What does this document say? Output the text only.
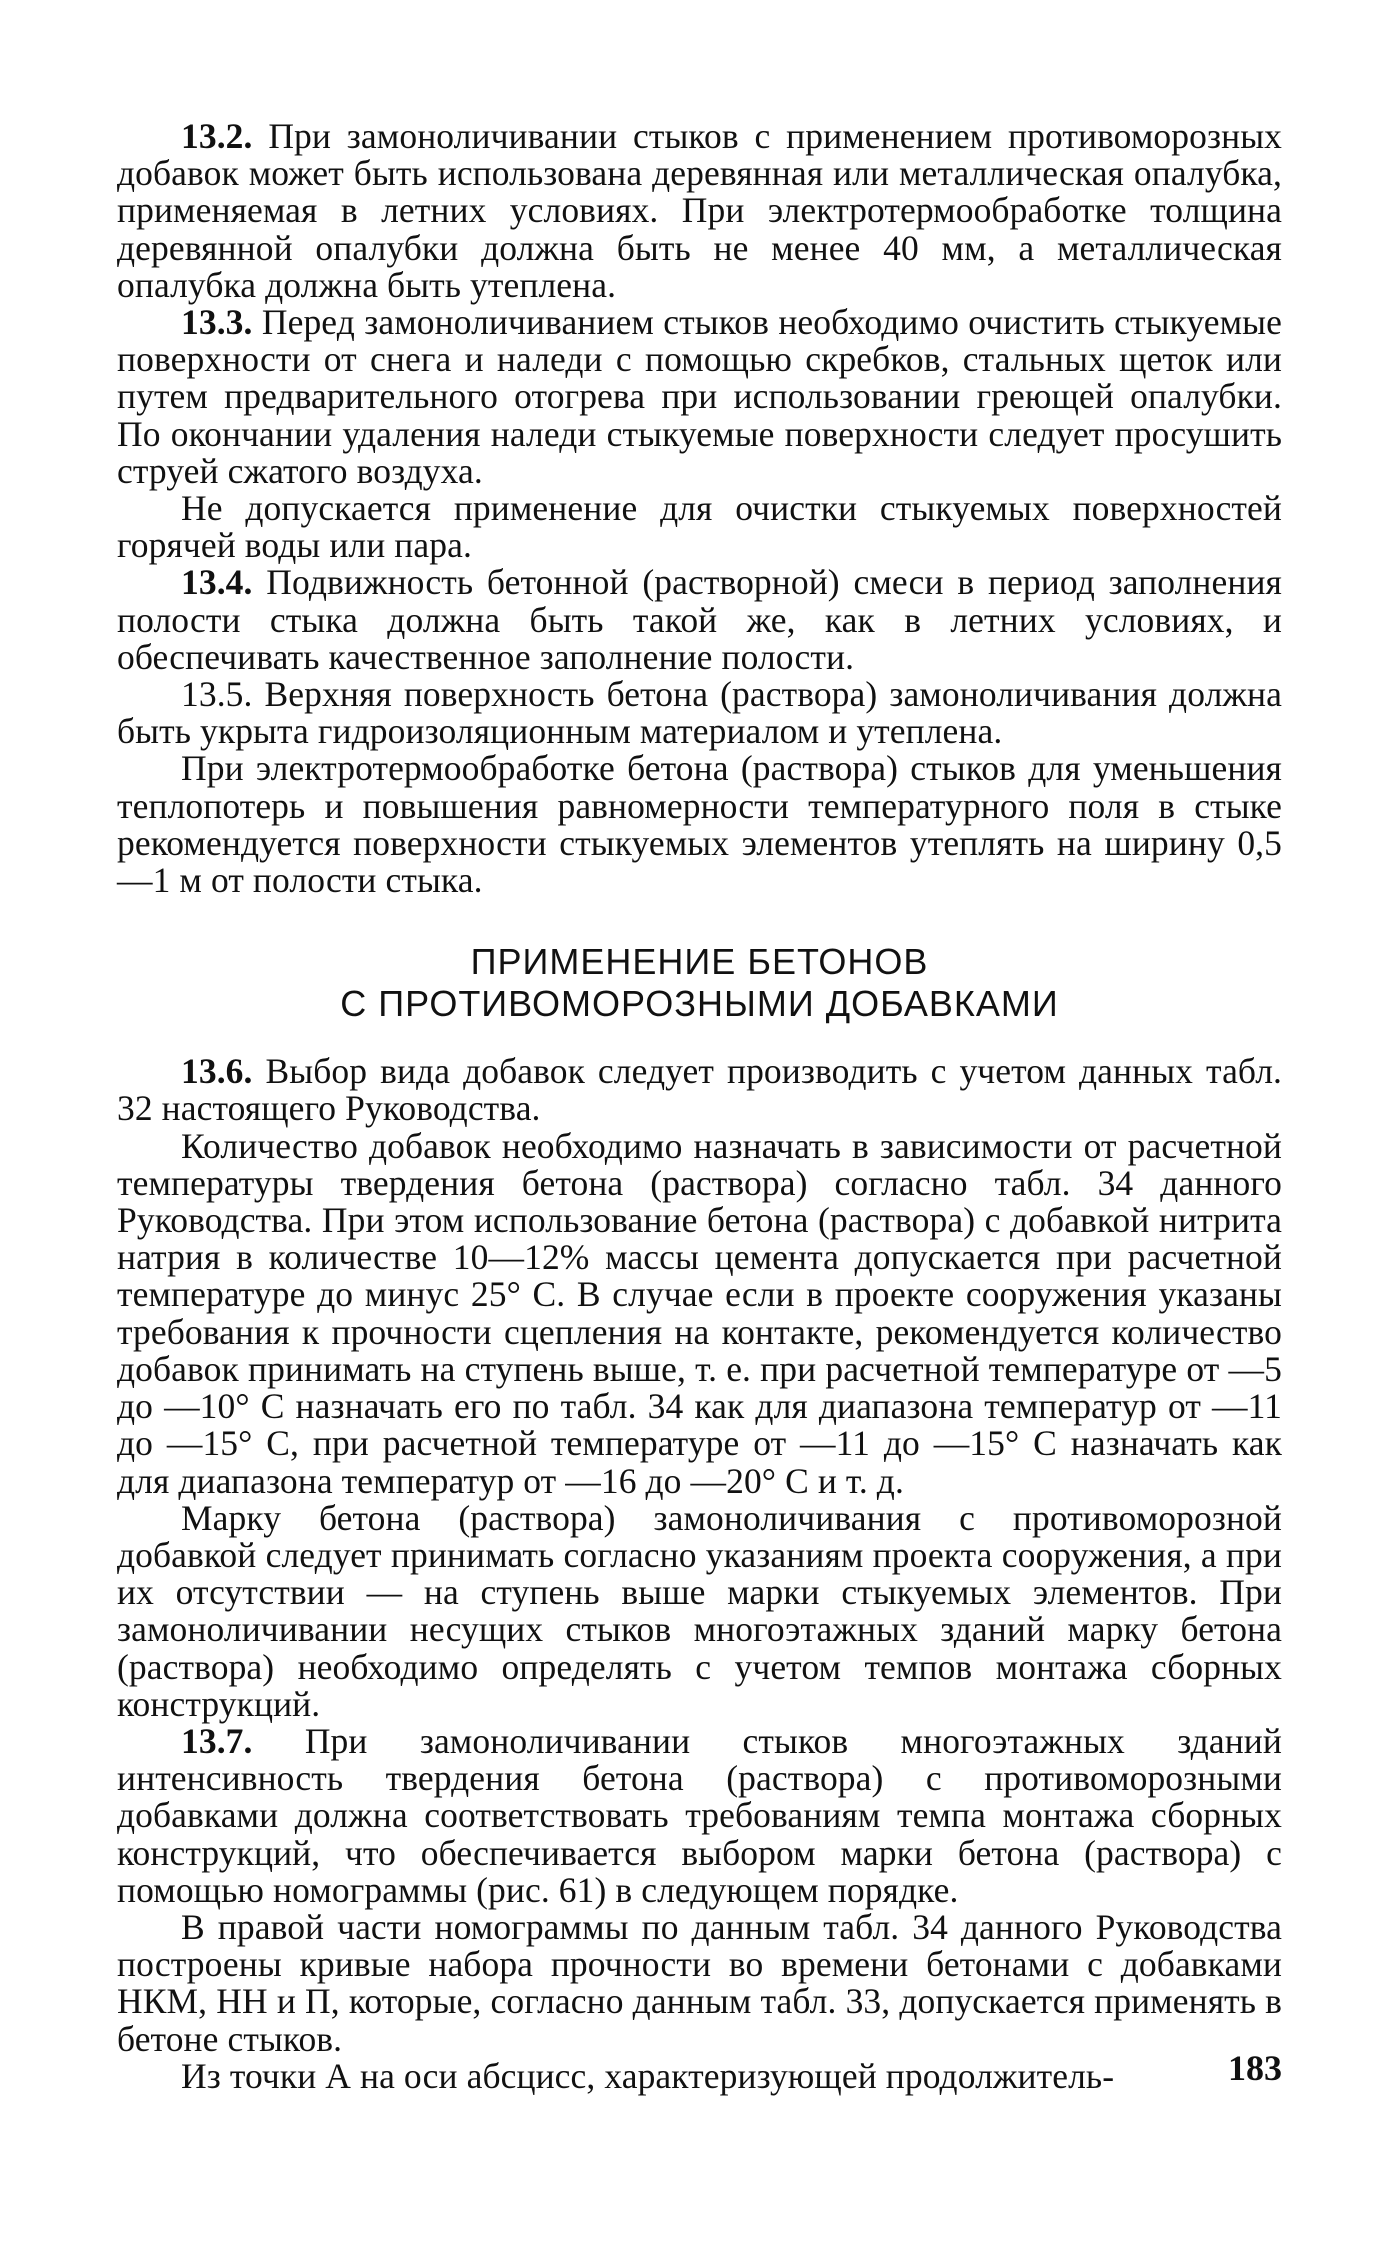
13.2. При замоноличивании стыков с применением противоморозных добавок может быть использована деревянная или металлическая опалубка, применяемая в летних условиях. При электротермообработке толщина деревянной опалубки должна быть не менее 40 мм, а металлическая опалубка должна быть утеплена.

13.3. Перед замоноличиванием стыков необходимо очистить стыкуемые поверхности от снега и наледи с помощью скребков, стальных щеток или путем предварительного отогрева при использовании греющей опалубки. По окончании удаления наледи стыкуемые поверхности следует просушить струей сжатого воздуха.

Не допускается применение для очистки стыкуемых поверхностей горячей воды или пара.

13.4. Подвижность бетонной (растворной) смеси в период заполнения полости стыка должна быть такой же, как в летних условиях, и обеспечивать качественное заполнение полости.

13.5. Верхняя поверхность бетона (раствора) замоноличивания должна быть укрыта гидроизоляционным материалом и утеплена.

При электротермообработке бетона (раствора) стыков для уменьшения теплопотерь и повышения равномерности температурного поля в стыке рекомендуется поверхности стыкуемых элементов утеплять на ширину 0,5—1 м от полости стыка.

ПРИМЕНЕНИЕ БЕТОНОВ
С ПРОТИВОМОРОЗНЫМИ ДОБАВКАМИ

13.6. Выбор вида добавок следует производить с учетом данных табл. 32 настоящего Руководства.

Количество добавок необходимо назначать в зависимости от расчетной температуры твердения бетона (раствора) согласно табл. 34 данного Руководства. При этом использование бетона (раствора) с добавкой нитрита натрия в количестве 10—12% массы цемента допускается при расчетной температуре до минус 25° С. В случае если в проекте сооружения указаны требования к прочности сцепления на контакте, рекомендуется количество добавок принимать на ступень выше, т. е. при расчетной температуре от —5 до —10° С назначать его по табл. 34 как для диапазона температур от —11 до —15° С, при расчетной температуре от —11 до —15° С назначать как для диапазона температур от —16 до —20° С и т. д.

Марку бетона (раствора) замоноличивания с противоморозной добавкой следует принимать согласно указаниям проекта сооружения, а при их отсутствии — на ступень выше марки стыкуемых элементов. При замоноличивании несущих стыков многоэтажных зданий марку бетона (раствора) необходимо определять с учетом темпов монтажа сборных конструкций.

13.7. При замоноличивании стыков многоэтажных зданий интенсивность твердения бетона (раствора) с противоморозными добавками должна соответствовать требованиям темпа монтажа сборных конструкций, что обеспечивается выбором марки бетона (раствора) с помощью номограммы (рис. 61) в следующем порядке.

В правой части номограммы по данным табл. 34 данного Руководства построены кривые набора прочности во времени бетонами с добавками НКМ, НН и П, которые, согласно данным табл. 33, допускается применять в бетоне стыков.

Из точки А на оси абсцисс, характеризующей продолжитель-	183
